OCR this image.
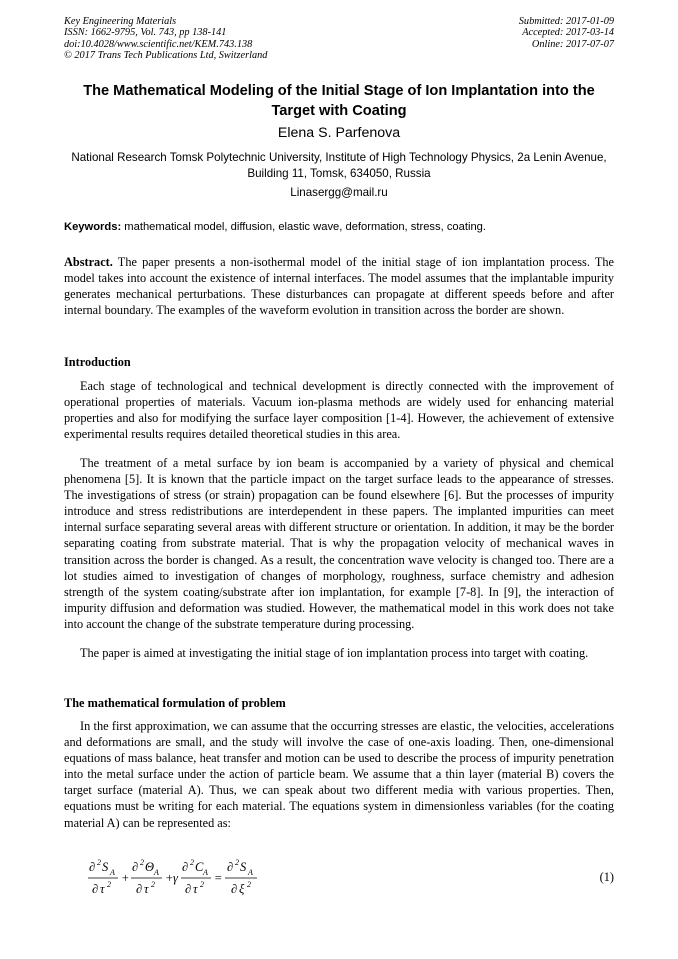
Key Engineering Materials
ISSN: 1662-9795, Vol. 743, pp 138-141
doi:10.4028/www.scientific.net/KEM.743.138
© 2017 Trans Tech Publications Ltd, Switzerland
Submitted: 2017-01-09
Accepted: 2017-03-14
Online: 2017-07-07
The Mathematical Modeling of the Initial Stage of Ion Implantation into the Target with Coating
Elena S. Parfenova
National Research Tomsk Polytechnic University, Institute of High Technology Physics, 2a Lenin Avenue, Building 11, Tomsk, 634050, Russia
Linasergg@mail.ru
Keywords: mathematical model, diffusion, elastic wave, deformation, stress, coating.
Abstract. The paper presents a non-isothermal model of the initial stage of ion implantation process. The model takes into account the existence of internal interfaces. The model assumes that the implantable impurity generates mechanical perturbations. These disturbances can propagate at different speeds before and after internal boundary. The examples of the waveform evolution in transition across the border are shown.
Introduction
Each stage of technological and technical development is directly connected with the improvement of operational properties of materials. Vacuum ion-plasma methods are widely used for enhancing material properties and also for modifying the surface layer composition [1-4]. However, the achievement of extensive experimental results requires detailed theoretical studies in this area.
The treatment of a metal surface by ion beam is accompanied by a variety of physical and chemical phenomena [5]. It is known that the particle impact on the target surface leads to the appearance of stresses. The investigations of stress (or strain) propagation can be found elsewhere [6]. But the processes of impurity introduce and stress redistributions are interdependent in these papers. The implanted impurities can meet internal surface separating several areas with different structure or orientation. In addition, it may be the border separating coating from substrate material. That is why the propagation velocity of mechanical waves in transition across the border is changed. As a result, the concentration wave velocity is changed too. There are a lot studies aimed to investigation of changes of morphology, roughness, surface chemistry and adhesion strength of the system coating/substrate after ion implantation, for example [7-8]. In [9], the interaction of impurity diffusion and deformation was studied. However, the mathematical model in this work does not take into account the change of the substrate temperature during processing.
The paper is aimed at investigating the initial stage of ion implantation process into target with coating.
The mathematical formulation of problem
In the first approximation, we can assume that the occurring stresses are elastic, the velocities, accelerations and deformations are small, and the study will involve the case of one-axis loading. Then, one-dimensional equations of mass balance, heat transfer and motion can be used to describe the process of impurity penetration into the metal surface under the action of particle beam. We assume that a thin layer (material B) covers the target surface (material A). Thus, we can speak about two different media with various properties. Then, equations must be writing for each material. The equations system in dimensionless variables (for the coating material A) can be represented as:
∂ 2 S A
∂ τ 2 +
∂ 2 Θ A
∂ τ 2 + γ
∂ 2 C A
∂ τ 2 =
∂ 2 S A
∂ ξ 2
(1)
